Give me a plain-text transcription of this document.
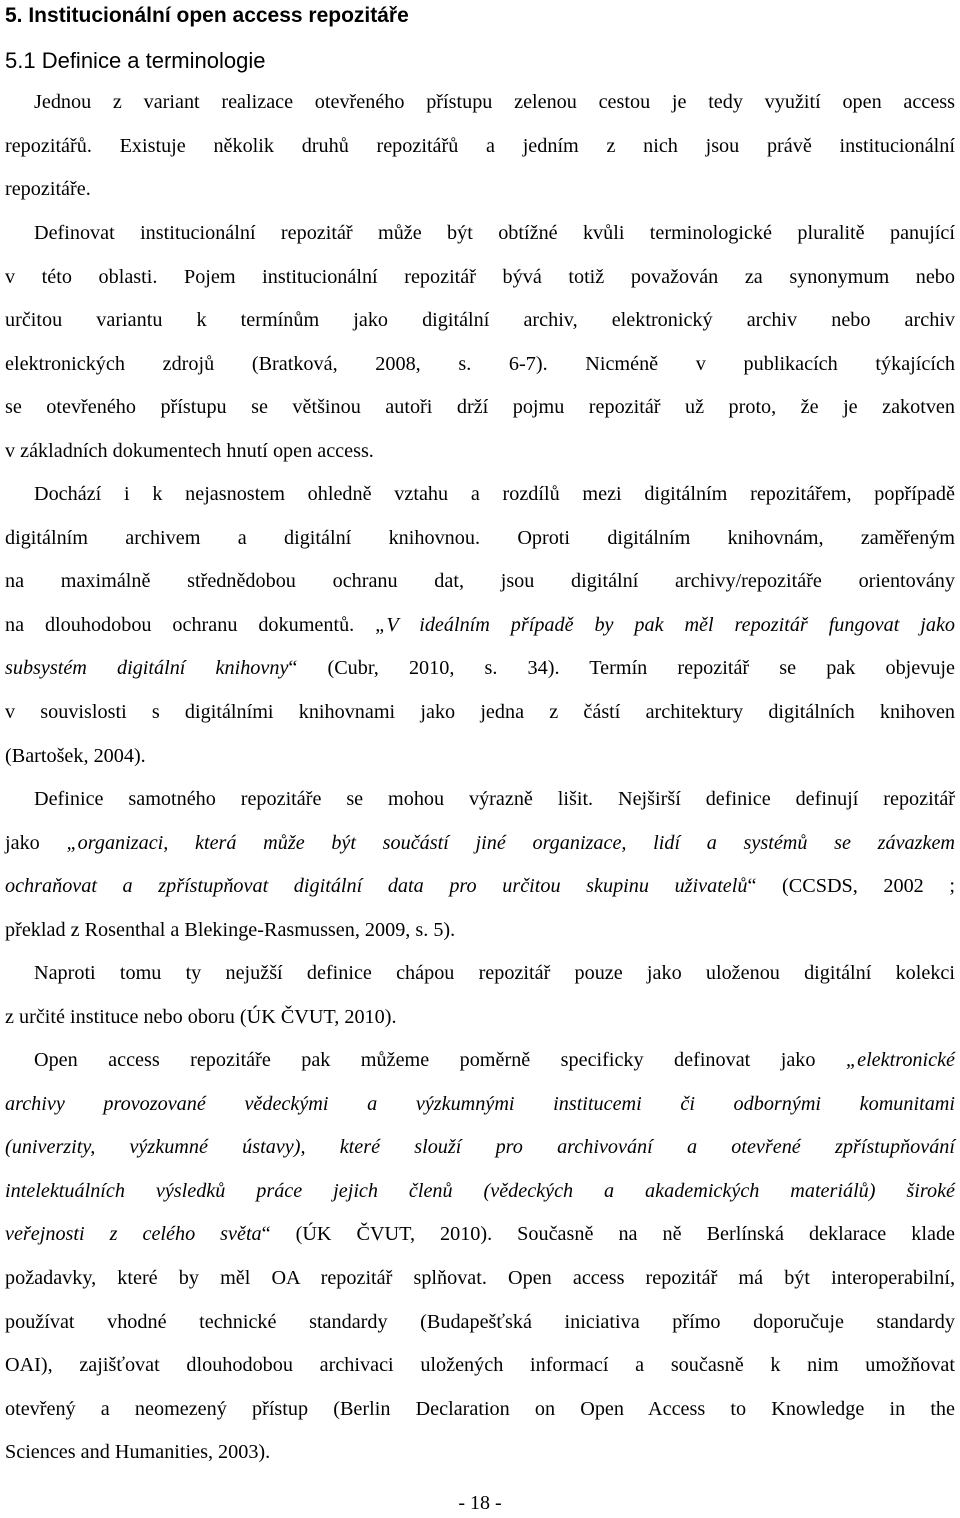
5. Institucionální open access repozitáře
5.1 Definice a terminologie
Jednou z variant realizace otevřeného přístupu zelenou cestou je tedy využití open access
repozitářů. Existuje několik druhů repozitářů a jedním z nich jsou právě institucionální
repozitáře.
Definovat institucionální repozitář může být obtížné kvůli terminologické pluralitě panující
v této oblasti. Pojem institucionální repozitář bývá totiž považován za synonymum nebo
určitou variantu k termínům jako digitální archiv, elektronický archiv nebo archiv
elektronických zdrojů (Bratková, 2008, s. 6-7). Nicméně v publikacích týkajících
se otevřeného přístupu se většinou autoři drží pojmu repozitář už proto, že je zakotven
v základních dokumentech hnutí open access.
Dochází i k nejasnostem ohledně vztahu a rozdílů mezi digitálním repozitářem, popřípadě
digitálním archivem a digitální knihovnou. Oproti digitálním knihovnám, zaměřeným
na maximálně střednědobou ochranu dat, jsou digitální archivy/repozitáře orientovány
na dlouhodobou ochranu dokumentů. „V ideálním případě by pak měl repozitář fungovat jako
subsystém digitální knihovny“ (Cubr, 2010, s. 34). Termín repozitář se pak objevuje
v souvislosti s digitálními knihovnami jako jedna z částí architektury digitálních knihoven
(Bartošek, 2004).
Definice samotného repozitáře se mohou výrazně lišit. Nejširší definice definují repozitář
jako „organizaci, která může být součástí jiné organizace, lidí a systémů se závazkem
ochraňovat a zpřístupňovat digitální data pro určitou skupinu uživatelů“ (CCSDS, 2002 ;
překlad z Rosenthal a Blekinge-Rasmussen, 2009, s. 5).
Naproti tomu ty nejužší definice chápou repozitář pouze jako uloženou digitální kolekci
z určité instituce nebo oboru (ÚK ČVUT, 2010).
Open access repozitáře pak můžeme poměrně specificky definovat jako „elektronické
archivy provozované vědeckými a výzkumnými institucemi či odbornými komunitami
(univerzity, výzkumné ústavy), které slouží pro archivování a otevřené zpřístupňování
intelektuálních výsledků práce jejich členů (vědeckých a akademických materiálů) široké
veřejnosti z celého světa“ (ÚK ČVUT, 2010). Současně na ně Berlínská deklarace klade
požadavky, které by měl OA repozitář splňovat. Open access repozitář má být interoperabilní,
používat vhodné technické standardy (Budapešťská iniciativa přímo doporučuje standardy
OAI), zajišťovat dlouhodobou archivaci uložených informací a současně k nim umožňovat
otevřený a neomezený přístup (Berlin Declaration on Open Access to Knowledge in the
Sciences and Humanities, 2003).
- 18 -
